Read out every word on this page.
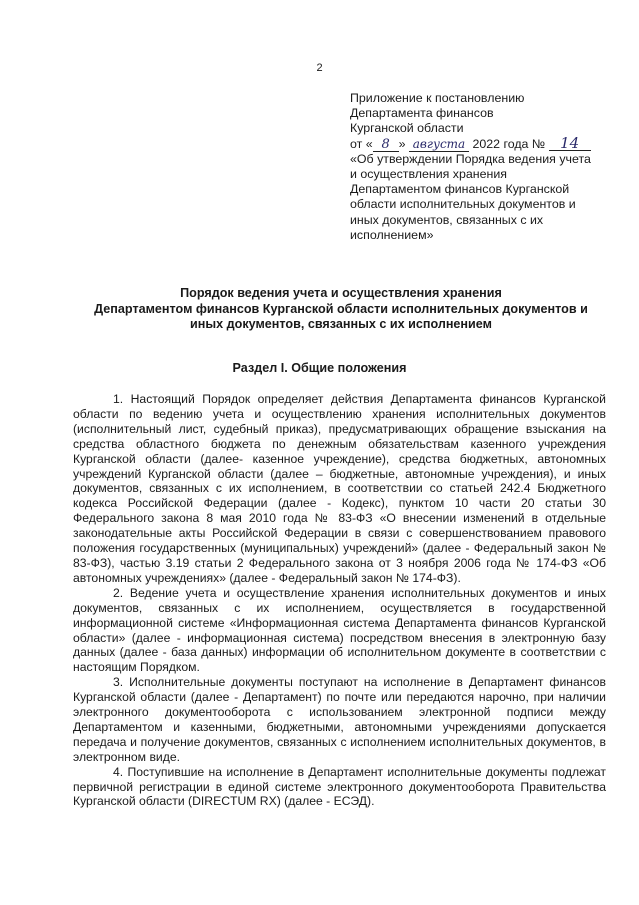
2
Приложение к постановлению
Департамента финансов
Курганской области
от « 8 » августа 2022 года № 14
«Об утверждении Порядка ведения учета
и осуществления хранения
Департаментом финансов Курганской
области исполнительных документов и
иных документов, связанных с их
исполнением»
Порядок ведения учета и осуществления хранения
Департаментом финансов Курганской области исполнительных документов и
иных документов, связанных с их исполнением
Раздел I. Общие положения

1. Настоящий Порядок определяет действия Департамента финансов Курганской области по ведению учета и осуществлению хранения исполнительных документов (исполнительный лист, судебный приказ), предусматривающих обращение взыскания на средства областного бюджета по денежным обязательствам казенного учреждения Курганской области (далее- казенное учреждение), средства бюджетных, автономных учреждений Курганской области (далее – бюджетные, автономные учреждения), и иных документов, связанных с их исполнением, в соответствии со статьей 242.4 Бюджетного кодекса Российской Федерации (далее - Кодекс), пунктом 10 части 20 статьи 30 Федерального закона 8 мая 2010 года № 83-ФЗ «О внесении изменений в отдельные законодательные акты Российской Федерации в связи с совершенствованием правового положения государственных (муниципальных) учреждений» (далее - Федеральный закон № 83-ФЗ), частью 3.19 статьи 2 Федерального закона от 3 ноября 2006 года № 174-ФЗ «Об автономных учреждениях» (далее - Федеральный закон № 174-ФЗ).

2. Ведение учета и осуществление хранения исполнительных документов и иных документов, связанных с их исполнением, осуществляется в государственной информационной системе «Информационная система Департамента финансов Курганской области» (далее - информационная система) посредством внесения в электронную базу данных (далее - база данных) информации об исполнительном документе в соответствии с настоящим Порядком.

3. Исполнительные документы поступают на исполнение в Департамент финансов Курганской области (далее - Департамент) по почте или передаются нарочно, при наличии электронного документооборота с использованием электронной подписи между Департаментом и казенными, бюджетными, автономными учреждениями допускается передача и получение документов, связанных с исполнением исполнительных документов, в электронном виде.

4. Поступившие на исполнение в Департамент исполнительные документы подлежат первичной регистрации в единой системе электронного документооборота Правительства Курганской области (DIRECTUM RX) (далее - ЕСЭД).
